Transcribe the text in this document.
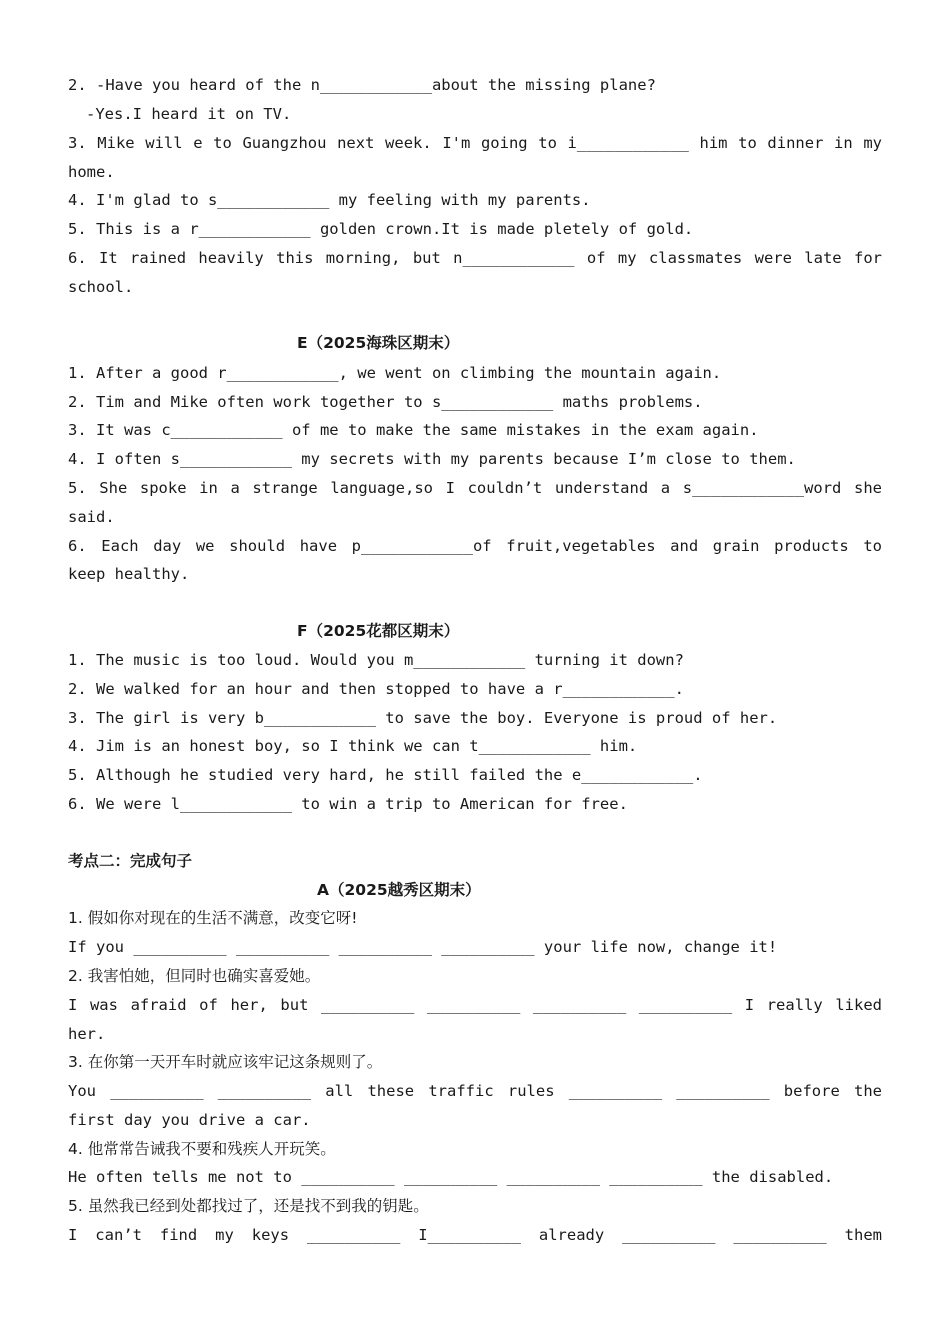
2. -Have you heard of the n____________about the missing plane?
-Yes.I heard it on TV.
3. Mike will e to Guangzhou next week. I'm going to i____________ him to dinner in my
home.
4. I'm glad to s____________ my feeling with my parents.
5. This is a r____________ golden crown.It is made pletely of gold.
6. It rained heavily this morning, but n____________ of my classmates were late for
school.
E（2025海珠区期末）
1. After a good r____________, we went on climbing the mountain again.
2. Tim and Mike often work together to s____________ maths problems.
3. It was c____________ of me to make the same mistakes in the exam again.
4. I often s____________ my secrets with my parents because I’m close to them.
5. She spoke in a strange language,so I couldn’t understand a s____________word she
said.
6. Each day we should have p____________of fruit,vegetables and grain products to
keep healthy.
F（2025花都区期末）
1. The music is too loud. Would you m____________ turning it down?
2. We walked for an hour and then stopped to have a r____________.
3. The girl is very b____________ to save the boy. Everyone is proud of her.
4. Jim is an honest boy, so I think we can t____________ him.
5. Although he studied very hard, he still failed the e____________.
6. We were l____________ to win a trip to American for free.
考点二：完成句子
A（2025越秀区期末）
1. 假如你对现在的生活不满意，改变它呀!
If you __________ __________ __________ __________ your life now, change it!
2. 我害怕她，但同时也确实喜爱她。
I was afraid of her, but __________ __________ __________ __________ I really liked
her.
3. 在你第一天开车时就应该牢记这条规则了。
You __________ __________ all these traffic rules __________ __________ before the
first day you drive a car.
4. 他常常告诫我不要和残疾人开玩笑。
He often tells me not to __________ __________ __________ __________ the disabled.
5. 虽然我已经到处都找过了，还是找不到我的钥匙。
I can’t find my keys __________ I__________ already __________ __________ them
